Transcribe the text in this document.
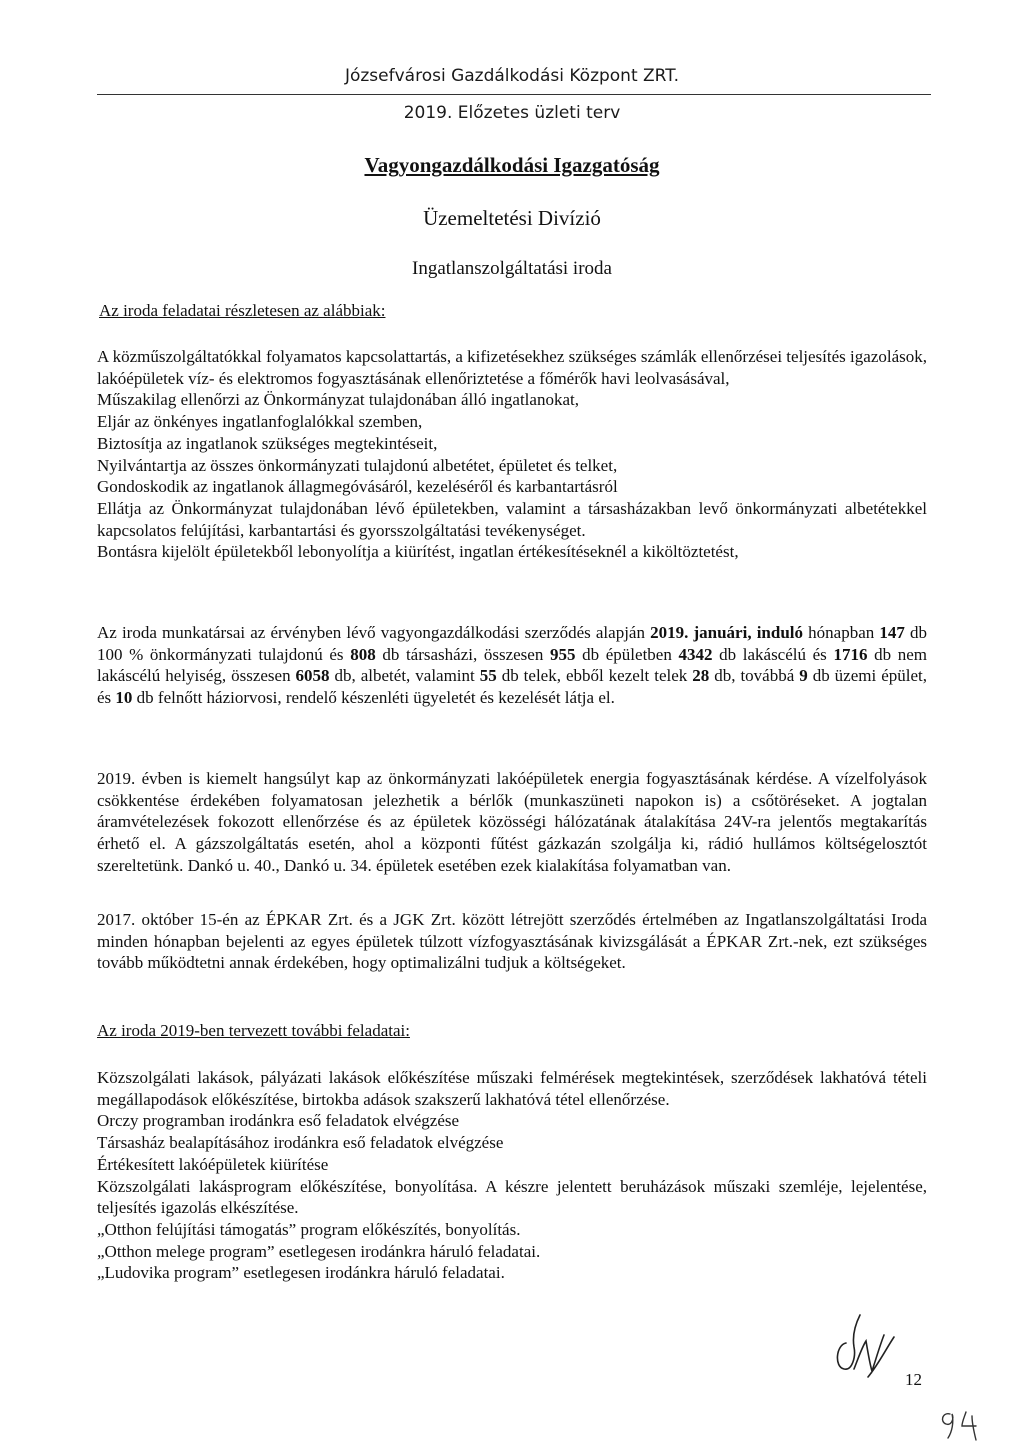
Józsefvárosi Gazdálkodási Központ ZRT.
2019. Előzetes üzleti terv
Vagyongazdálkodási Igazgatóság
Üzemeltetési Divízió
Ingatlanszolgáltatási iroda
Az iroda feladatai részletesen az alábbiak:
A közműszolgáltatókkal folyamatos kapcsolattartás, a kifizetésekhez szükséges számlák ellenőrzései teljesítés igazolások, lakóépületek víz- és elektromos fogyasztásának ellenőriztetése a főmérők havi leolvasásával,
Műszakilag ellenőrzi az Önkormányzat tulajdonában álló ingatlanokat,
Eljár az önkényes ingatlanfoglalókkal szemben,
Biztosítja az ingatlanok szükséges megtekintéseit,
Nyilvántartja az összes önkormányzati tulajdonú albetétet, épületet és telket,
Gondoskodik az ingatlanok állagmegóvásáról, kezeléséről és karbantartásról
Ellátja az Önkormányzat tulajdonában lévő épületekben, valamint a társasházakban levő önkormányzati albetétekkel kapcsolatos felújítási, karbantartási és gyorsszolgáltatási tevékenységet.
Bontásra kijelölt épületekből lebonyolítja a kiürítést, ingatlan értékesítéseknél a kiköltöztetést,
Az iroda munkatársai az érvényben lévő vagyongazdálkodási szerződés alapján 2019. januári, induló hónapban 147 db 100 % önkormányzati tulajdonú és 808 db társasházi, összesen 955 db épületben 4342 db lakáscélú és 1716 db nem lakáscélú helyiség, összesen 6058 db, albetét, valamint 55 db telek, ebből kezelt telek 28 db, továbbá 9 db üzemi épület, és 10 db felnőtt háziorvosi, rendelő készenléti ügyeletét és kezelését látja el.
2019. évben is kiemelt hangsúlyt kap az önkormányzati lakóépületek energia fogyasztásának kérdése. A vízelfolyások csökkentése érdekében folyamatosan jelezhetik a bérlők (munkaszüneti napokon is) a csőtöréseket. A jogtalan áramvételezések fokozott ellenőrzése és az épületek közösségi hálózatának átalakítása 24V-ra jelentős megtakarítás érhető el. A gázszolgáltatás esetén, ahol a központi fűtést gázkazán szolgálja ki, rádió hullámos költségelosztót szereltetünk. Dankó u. 40., Dankó u. 34. épületek esetében ezek kialakítása folyamatban van.
2017. október 15-én az ÉPKAR Zrt. és a JGK Zrt. között létrejött szerződés értelmében az Ingatlanszolgáltatási Iroda minden hónapban bejelenti az egyes épületek túlzott vízfogyasztásának kivizsgálását a ÉPKAR Zrt.-nek, ezt szükséges tovább működtetni annak érdekében, hogy optimalizálni tudjuk a költségeket.
Az iroda 2019-ben tervezett további feladatai:
Közszolgálati lakások, pályázati lakások előkészítése műszaki felmérések megtekintések, szerződések lakhatóvá tételi megállapodások előkészítése, birtokba adások szakszerű lakhatóvá tétel ellenőrzése.
Orczy programban irodánkra eső feladatok elvégzése
Társasház bealapításához irodánkra eső feladatok elvégzése
Értékesített lakóépületek kiürítése
Közszolgálati lakásprogram előkészítése, bonyolítása. A készre jelentett beruházások műszaki szemléje, lejelentése, teljesítés igazolás elkészítése.
„Otthon felújítási támogatás” program előkészítés, bonyolítás.
„Otthon melege program” esetlegesen irodánkra háruló feladatai.
„Ludovika program” esetlegesen irodánkra háruló feladatai.
12
